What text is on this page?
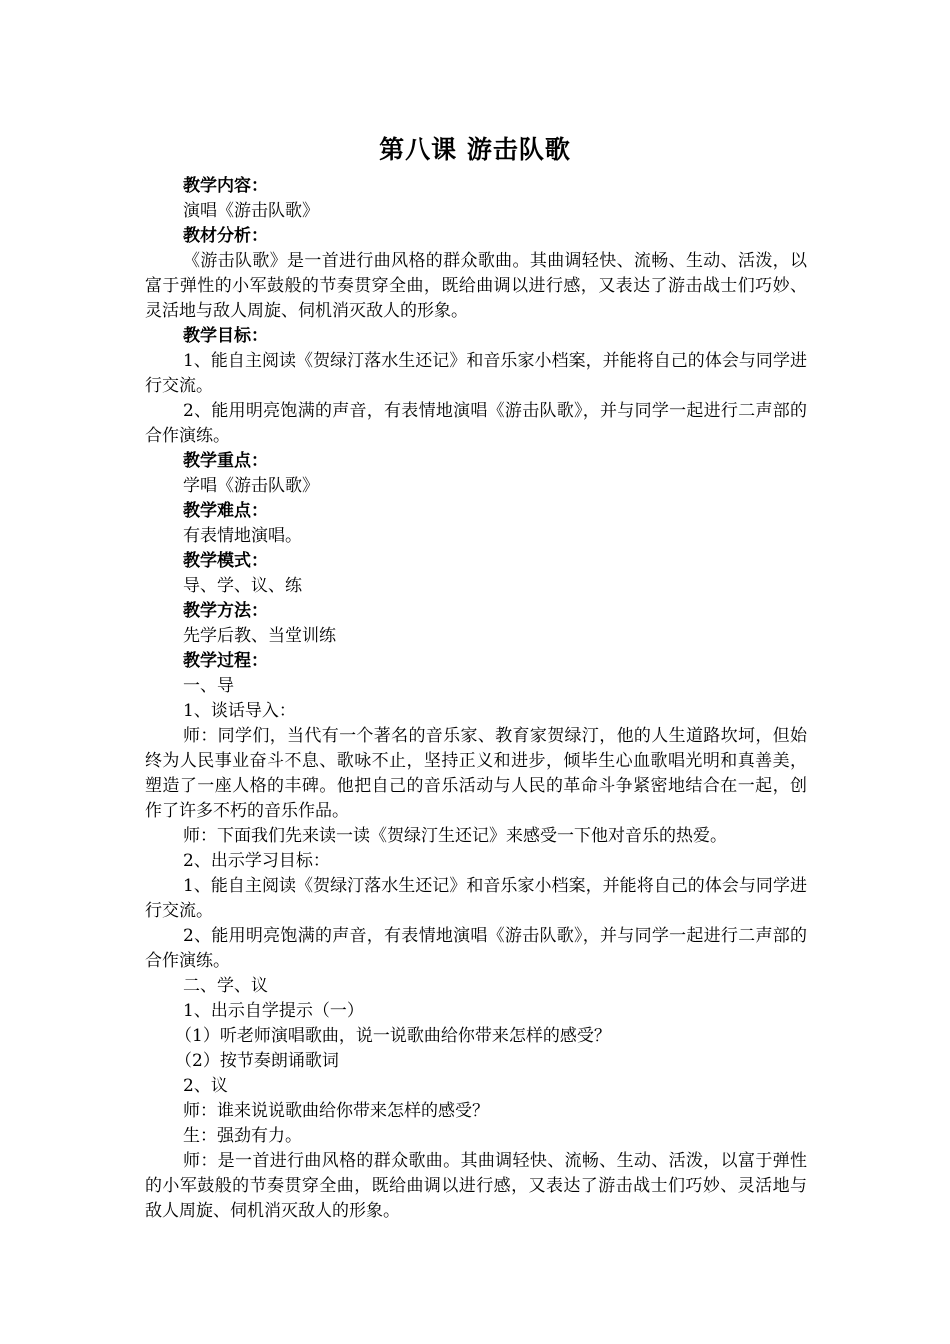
第八课 游击队歌

教学内容：

演唱《游击队歌》

教材分析：

《游击队歌》是一首进行曲风格的群众歌曲。其曲调轻快、流畅、生动、活泼，以富于弹性的小军鼓般的节奏贯穿全曲，既给曲调以进行感，又表达了游击战士们巧妙、灵活地与敌人周旋、伺机消灭敌人的形象。

教学目标：

1、能自主阅读《贺绿汀落水生还记》和音乐家小档案，并能将自己的体会与同学进行交流。

2、能用明亮饱满的声音，有表情地演唱《游击队歌》，并与同学一起进行二声部的合作演练。

教学重点：

学唱《游击队歌》

教学难点：

有表情地演唱。

教学模式：

导、学、议、练

教学方法：

先学后教、当堂训练

教学过程：

一、导

1、谈话导入：

师：同学们，当代有一个著名的音乐家、教育家贺绿汀，他的人生道路坎坷，但始终为人民事业奋斗不息、歌咏不止，坚持正义和进步，倾毕生心血歌唱光明和真善美，塑造了一座人格的丰碑。他把自己的音乐活动与人民的革命斗争紧密地结合在一起，创作了许多不朽的音乐作品。

师：下面我们先来读一读《贺绿汀生还记》来感受一下他对音乐的热爱。

2、出示学习目标：

1、能自主阅读《贺绿汀落水生还记》和音乐家小档案，并能将自己的体会与同学进行交流。

2、能用明亮饱满的声音，有表情地演唱《游击队歌》，并与同学一起进行二声部的合作演练。

二、学、议

1、出示自学提示（一）

（1）听老师演唱歌曲，说一说歌曲给你带来怎样的感受？

（2）按节奏朗诵歌词

2、议

师：谁来说说歌曲给你带来怎样的感受？

生：强劲有力。

师：是一首进行曲风格的群众歌曲。其曲调轻快、流畅、生动、活泼，以富于弹性的小军鼓般的节奏贯穿全曲，既给曲调以进行感，又表达了游击战士们巧妙、灵活地与敌人周旋、伺机消灭敌人的形象。
